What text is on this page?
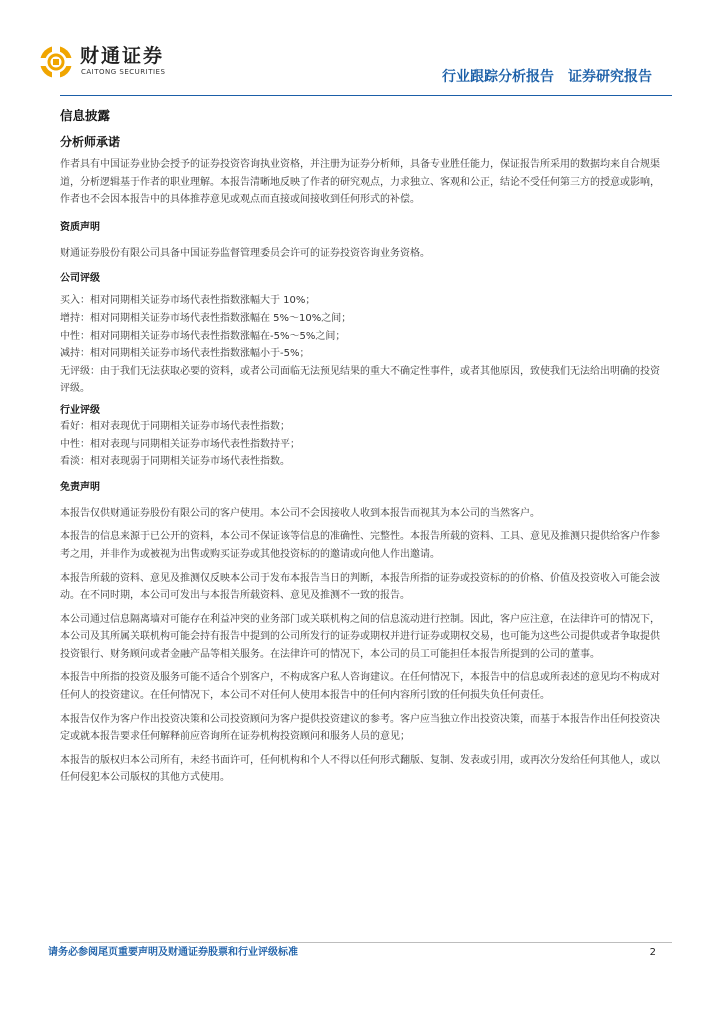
财通证券
CAITONG SECURITIES	行业跟踪分析报告 证券研究报告
信息披露
分析师承诺

作者具有中国证券业协会授予的证券投资咨询执业资格，并注册为证券分析师，具备专业胜任能力，保证报告所采用的数据均来自合规渠道，分析逻辑基于作者的职业理解。本报告清晰地反映了作者的研究观点，力求独立、客观和公正，结论不受任何第三方的授意或影响，作者也不会因本报告中的具体推荐意见或观点而直接或间接收到任何形式的补偿。

资质声明

财通证券股份有限公司具备中国证券监督管理委员会许可的证券投资咨询业务资格。

公司评级

买入：相对同期相关证券市场代表性指数涨幅大于 10%；

增持：相对同期相关证券市场代表性指数涨幅在 5%～10%之间；

中性：相对同期相关证券市场代表性指数涨幅在-5%～5%之间；

减持：相对同期相关证券市场代表性指数涨幅小于-5%；

无评级：由于我们无法获取必要的资料，或者公司面临无法预见结果的重大不确定性事件，或者其他原因，致使我们无法给出明确的投资评级。

行业评级

看好：相对表现优于同期相关证券市场代表性指数；

中性：相对表现与同期相关证券市场代表性指数持平；

看淡：相对表现弱于同期相关证券市场代表性指数。

免责声明

本报告仅供财通证券股份有限公司的客户使用。本公司不会因接收人收到本报告而视其为本公司的当然客户。

本报告的信息来源于已公开的资料，本公司不保证该等信息的准确性、完整性。本报告所载的资料、工具、意见及推测只提供给客户作参考之用，并非作为或被视为出售或购买证券或其他投资标的的邀请或向他人作出邀请。

本报告所载的资料、意见及推测仅反映本公司于发布本报告当日的判断，本报告所指的证券或投资标的的价格、价值及投资收入可能会波动。在不同时期，本公司可发出与本报告所载资料、意见及推测不一致的报告。

本公司通过信息隔离墙对可能存在利益冲突的业务部门或关联机构之间的信息流动进行控制。因此，客户应注意，在法律许可的情况下，本公司及其所属关联机构可能会持有报告中提到的公司所发行的证券或期权并进行证券或期权交易，也可能为这些公司提供或者争取提供投资银行、财务顾问或者金融产品等相关服务。在法律许可的情况下，本公司的员工可能担任本报告所提到的公司的董事。

本报告中所指的投资及服务可能不适合个别客户，不构成客户私人咨询建议。在任何情况下，本报告中的信息或所表述的意见均不构成对任何人的投资建议。在任何情况下，本公司不对任何人使用本报告中的任何内容所引致的任何损失负任何责任。

本报告仅作为客户作出投资决策和公司投资顾问为客户提供投资建议的参考。客户应当独立作出投资决策，而基于本报告作出任何投资决定或就本报告要求任何解释前应咨询所在证券机构投资顾问和服务人员的意见；

本报告的版权归本公司所有，未经书面许可，任何机构和个人不得以任何形式翻版、复制、发表或引用，或再次分发给任何其他人，或以任何侵犯本公司版权的其他方式使用。

请务必参阅尾页重要声明及财通证券股票和行业评级标准	2
